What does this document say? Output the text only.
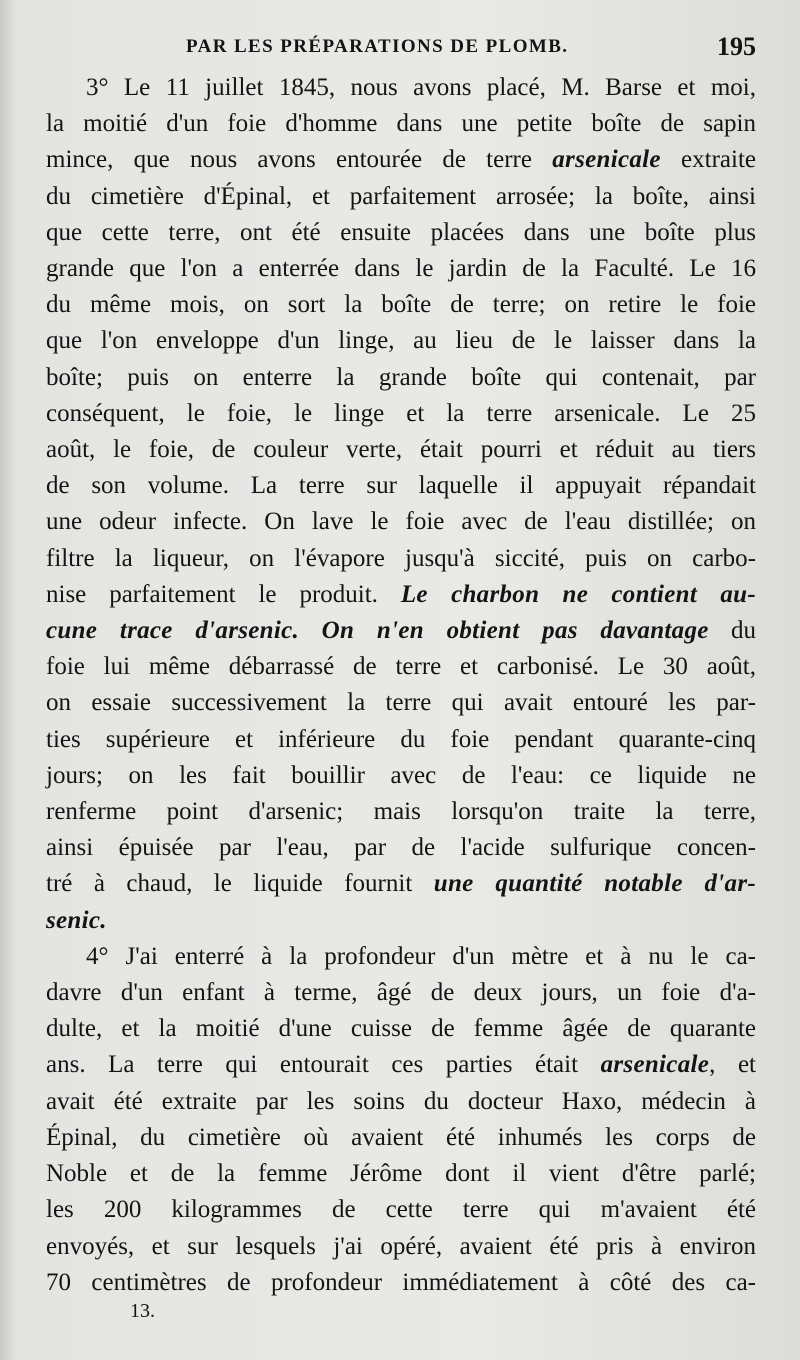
PAR LES PRÉPARATIONS DE PLOMB.	195

3° Le 11 juillet 1845, nous avons placé, M. Barse et moi,

la moitié d'un foie d'homme dans une petite boîte de sapin

mince, que nous avons entourée de terre arsenicale extraite

du cimetière d'Épinal, et parfaitement arrosée; la boîte, ainsi

que cette terre, ont été ensuite placées dans une boîte plus

grande que l'on a enterrée dans le jardin de la Faculté. Le 16

du même mois, on sort la boîte de terre; on retire le foie

que l'on enveloppe d'un linge, au lieu de le laisser dans la

boîte; puis on enterre la grande boîte qui contenait, par

conséquent, le foie, le linge et la terre arsenicale. Le 25

août, le foie, de couleur verte, était pourri et réduit au tiers

de son volume. La terre sur laquelle il appuyait répandait

une odeur infecte. On lave le foie avec de l'eau distillée; on

filtre la liqueur, on l'évapore jusqu'à siccité, puis on carbo-

nise parfaitement le produit. Le charbon ne contient au-

cune trace d'arsenic. On n'en obtient pas davantage du

foie lui même débarrassé de terre et carbonisé. Le 30 août,

on essaie successivement la terre qui avait entouré les par-

ties supérieure et inférieure du foie pendant quarante-cinq

jours; on les fait bouillir avec de l'eau: ce liquide ne

renferme point d'arsenic; mais lorsqu'on traite la terre,

ainsi épuisée par l'eau, par de l'acide sulfurique concen-

tré à chaud, le liquide fournit une quantité notable d'ar-

senic.

4° J'ai enterré à la profondeur d'un mètre et à nu le ca-

davre d'un enfant à terme, âgé de deux jours, un foie d'a-

dulte, et la moitié d'une cuisse de femme âgée de quarante

ans. La terre qui entourait ces parties était arsenicale, et

avait été extraite par les soins du docteur Haxo, médecin à

Épinal, du cimetière où avaient été inhumés les corps de

Noble et de la femme Jérôme dont il vient d'être parlé;

les 200 kilogrammes de cette terre qui m'avaient été

envoyés, et sur lesquels j'ai opéré, avaient été pris à environ

70 centimètres de profondeur immédiatement à côté des ca-

13.
